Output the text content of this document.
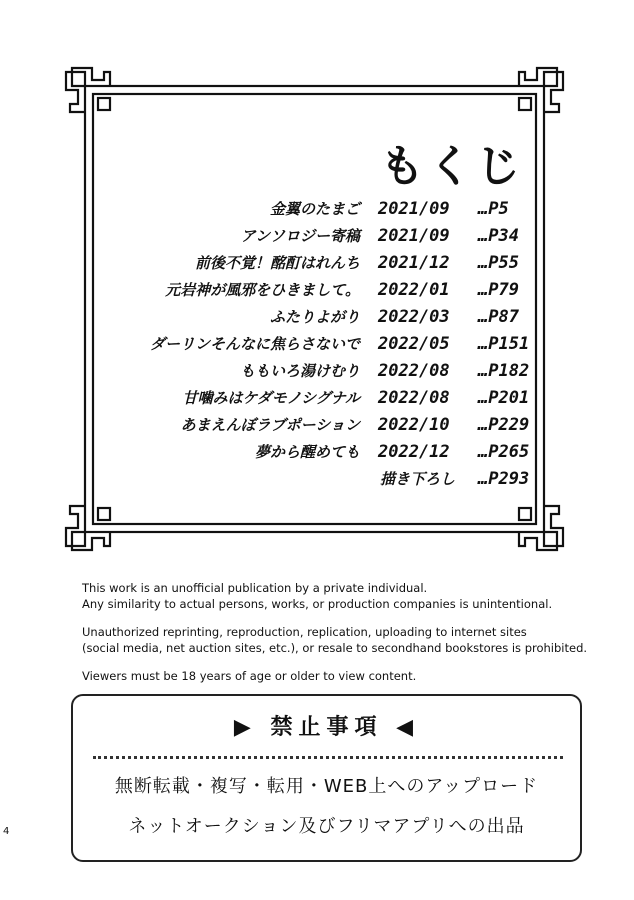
もくじ
金翼のたまご 2021/09 …P5
アンソロジー寄稿 2021/09 …P34
前後不覚！酩酊はれんち 2021/12 …P55
元岩神が風邪をひきまして。 2022/01 …P79
ふたりよがり 2022/03 …P87
ダーリンそんなに焦らさないで 2022/05 …P151
ももいろ湯けむり 2022/08 …P182
甘噛みはケダモノシグナル 2022/08 …P201
あまえんぼラブポーション 2022/10 …P229
夢から醒めても 2022/12 …P265
描き下ろし …P293

This work is an unofficial publication by a private individual.

Any similarity to actual persons, works, or production companies is unintentional.

Unauthorized reprinting, reproduction, replication, uploading to internet sites

(social media, net auction sites, etc.), or resale to secondhand bookstores is prohibited.

Viewers must be 18 years of age or older to view content.

▶ 禁止事項 ◀
無断転載・複写・転用・WEB上へのアップロード
ネットオークション及びフリマアプリへの出品
4
